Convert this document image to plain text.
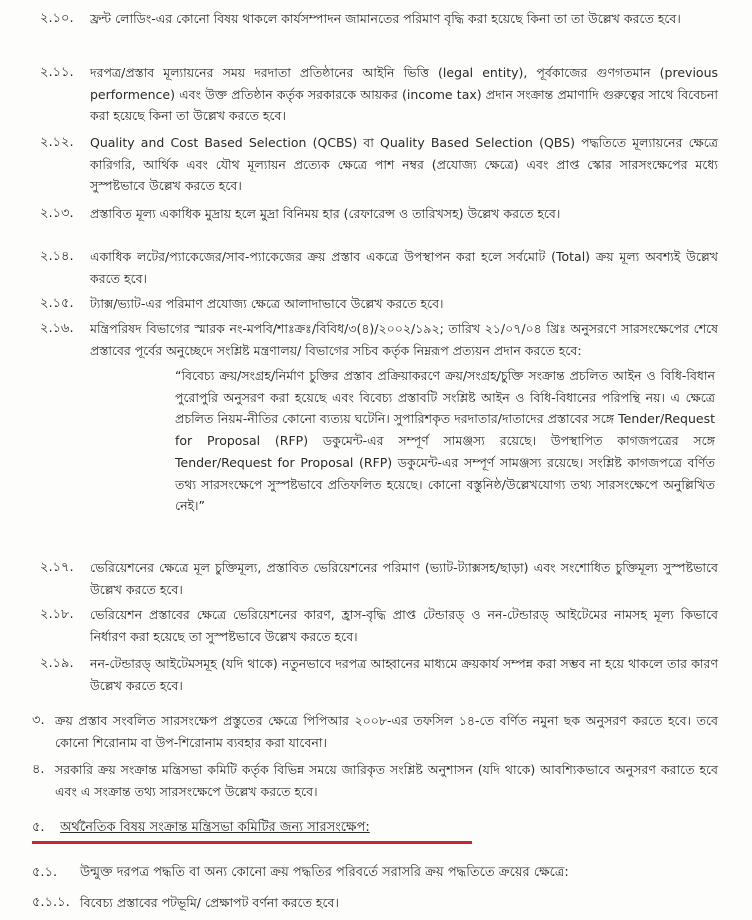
২.১০. ফ্রন্ট লোডিং-এর কোনো বিষয় থাকলে কার্যসম্পাদন জামানতের পরিমাণ বৃদ্ধি করা হয়েছে কিনা তা তা উল্লেখ করতে হবে।
২.১১. দরপত্র/প্রস্তাব মূল্যায়নের সময় দরদাতা প্রতিষ্ঠানের আইনি ভিত্তি (legal entity), পূর্বকাজের গুণগতমান (previous performence) এবং উক্ত প্রতিষ্ঠান কর্তৃক সরকারকে আয়কর (income tax) প্রদান সংক্রান্ত প্রমাণাদি গুরুত্বের সাথে বিবেচনা করা হয়েছে কিনা তা উল্লেখ করতে হবে।
২.১২. Quality and Cost Based Selection (QCBS) বা Quality Based Selection (QBS) পদ্ধতিতে মূল্যায়নের ক্ষেত্রে কারিগরি, আর্থিক এবং যৌথ মূল্যায়ন প্রত্যেক ক্ষেত্রে পাশ নম্বর (প্রযোজ্য ক্ষেত্রে) এবং প্রাপ্ত স্কোর সারসংক্ষেপের মধ্যে সুস্পষ্টভাবে উল্লেখ করতে হবে।
২.১৩. প্রস্তাবিত মূল্য একাধিক মুদ্রায় হলে মুদ্রা বিনিময় হার (রেফারেন্স ও তারিখসহ) উল্লেখ করতে হবে।
২.১৪. একাধিক লটের/প্যাকেজের/সাব-প্যাকেজের ক্রয় প্রস্তাব একত্রে উপস্থাপন করা হলে সর্বমোট (Total) ক্রয় মূল্য অবশ্যই উল্লেখ করতে হবে।
২.১৫. ট্যাক্স/ভ্যাট-এর পরিমাণ প্রযোজ্য ক্ষেত্রে আলাদাভাবে উল্লেখ করতে হবে।
২.১৬. মন্ত্রিপরিষদ বিভাগের স্মারক নং-মপবি/শাঃক্রঃ/বিবিধ/৩(৪)/২০০২/১৯২; তারিখ ২১/০৭/০৪ খ্রিঃ অনুসরণে সারসংক্ষেপের শেষে প্রস্তাবের পূর্বের অনুচ্ছেদে সংশ্লিষ্ট মন্ত্রণালয়/ বিভাগের সচিব কর্তৃক নিম্নরূপ প্রত্যয়ন প্রদান করতে হবে:
“বিবেচ্য ক্রয়/সংগ্রহ/নির্মাণ চুক্তির প্রস্তাব প্রক্রিয়াকরণে ক্রয়/সংগ্রহ/চুক্তি সংক্রান্ত প্রচলিত আইন ও বিধি-বিধান পুরোপুরি অনুসরণ করা হয়েছে এবং বিবেচ্য প্রস্তাবটি সংশ্লিষ্ট আইন ও বিধি-বিধানের পরিপন্থি নয়। এ ক্ষেত্রে প্রচলিত নিয়ম-নীতির কোনো ব্যত্যয় ঘটেনি। সুপারিশকৃত দরদাতার/দাতাদের প্রস্তাবের সঙ্গে Tender/Request for Proposal (RFP) ডকুমেন্ট-এর সম্পূর্ণ সামঞ্জস্য রয়েছে। উপস্থাপিত কাগজপত্রের সঙ্গে Tender/Request for Proposal (RFP) ডকুমেন্ট-এর সম্পূর্ণ সামঞ্জস্য রয়েছে। সংশ্লিষ্ট কাগজপত্রে বর্ণিত তথ্য সারসংক্ষেপে সুস্পষ্টভাবে প্রতিফলিত হয়েছে। কোনো বস্তুনিষ্ঠ/উল্লেখযোগ্য তথ্য সারসংক্ষেপে অনুল্লিখিত নেই।”
২.১৭. ভেরিয়েশনের ক্ষেত্রে মূল চুক্তিমূল্য, প্রস্তাবিত ভেরিয়েশনের পরিমাণ (ভ্যাট-ট্যাক্সসহ/ছাড়া) এবং সংশোধিত চুক্তিমূল্য সুস্পষ্টভাবে উল্লেখ করতে হবে।
২.১৮. ভেরিয়েশন প্রস্তাবের ক্ষেত্রে ভেরিয়েশনের কারণ, হ্রাস-বৃদ্ধি প্রাপ্ত টেন্ডারড্ ও নন-টেন্ডারড্ আইটেমের নামসহ মূল্য কিভাবে নির্ধারণ করা হয়েছে তা সুস্পষ্টভাবে উল্লেখ করতে হবে।
২.১৯. নন-টেন্ডারড্ আইটেমসমূহ (যদি থাকে) নতুনভাবে দরপত্র আহ্বানের মাধ্যমে ক্রয়কার্য সম্পন্ন করা সম্ভব না হয়ে থাকলে তার কারণ উল্লেখ করতে হবে।
৩. ক্রয় প্রস্তাব সংবলিত সারসংক্ষেপ প্রস্তুতের ক্ষেত্রে পিপিআর ২০০৮-এর তফসিল ১৪-তে বর্ণিত নমুনা ছক অনুসরণ করতে হবে। তবে কোনো শিরোনাম বা উপ-শিরোনাম ব্যবহার করা যাবেনা।
৪. সরকারি ক্রয় সংক্রান্ত মন্ত্রিসভা কমিটি কর্তৃক বিভিন্ন সময়ে জারিকৃত সংশ্লিষ্ট অনুশাসন (যদি থাকে) আবশ্যিকভাবে অনুসরণ করাতে হবে এবং এ সংক্রান্ত তথ্য সারসংক্ষেপে উল্লেখ করতে হবে।
৫. অর্থনৈতিক বিষয় সংক্রান্ত মন্ত্রিসভা কমিটির জন্য সারসংক্ষেপ:
৫.১. উন্মুক্ত দরপত্র পদ্ধতি বা অন্য কোনো ক্রয় পদ্ধতির পরিবর্তে সরাসরি ক্রয় পদ্ধতিতে ক্রয়ের ক্ষেত্রে:
৫.১.১. বিবেচ্য প্রস্তাবের পটভূমি/ প্রেক্ষাপট বর্ণনা করতে হবে।
